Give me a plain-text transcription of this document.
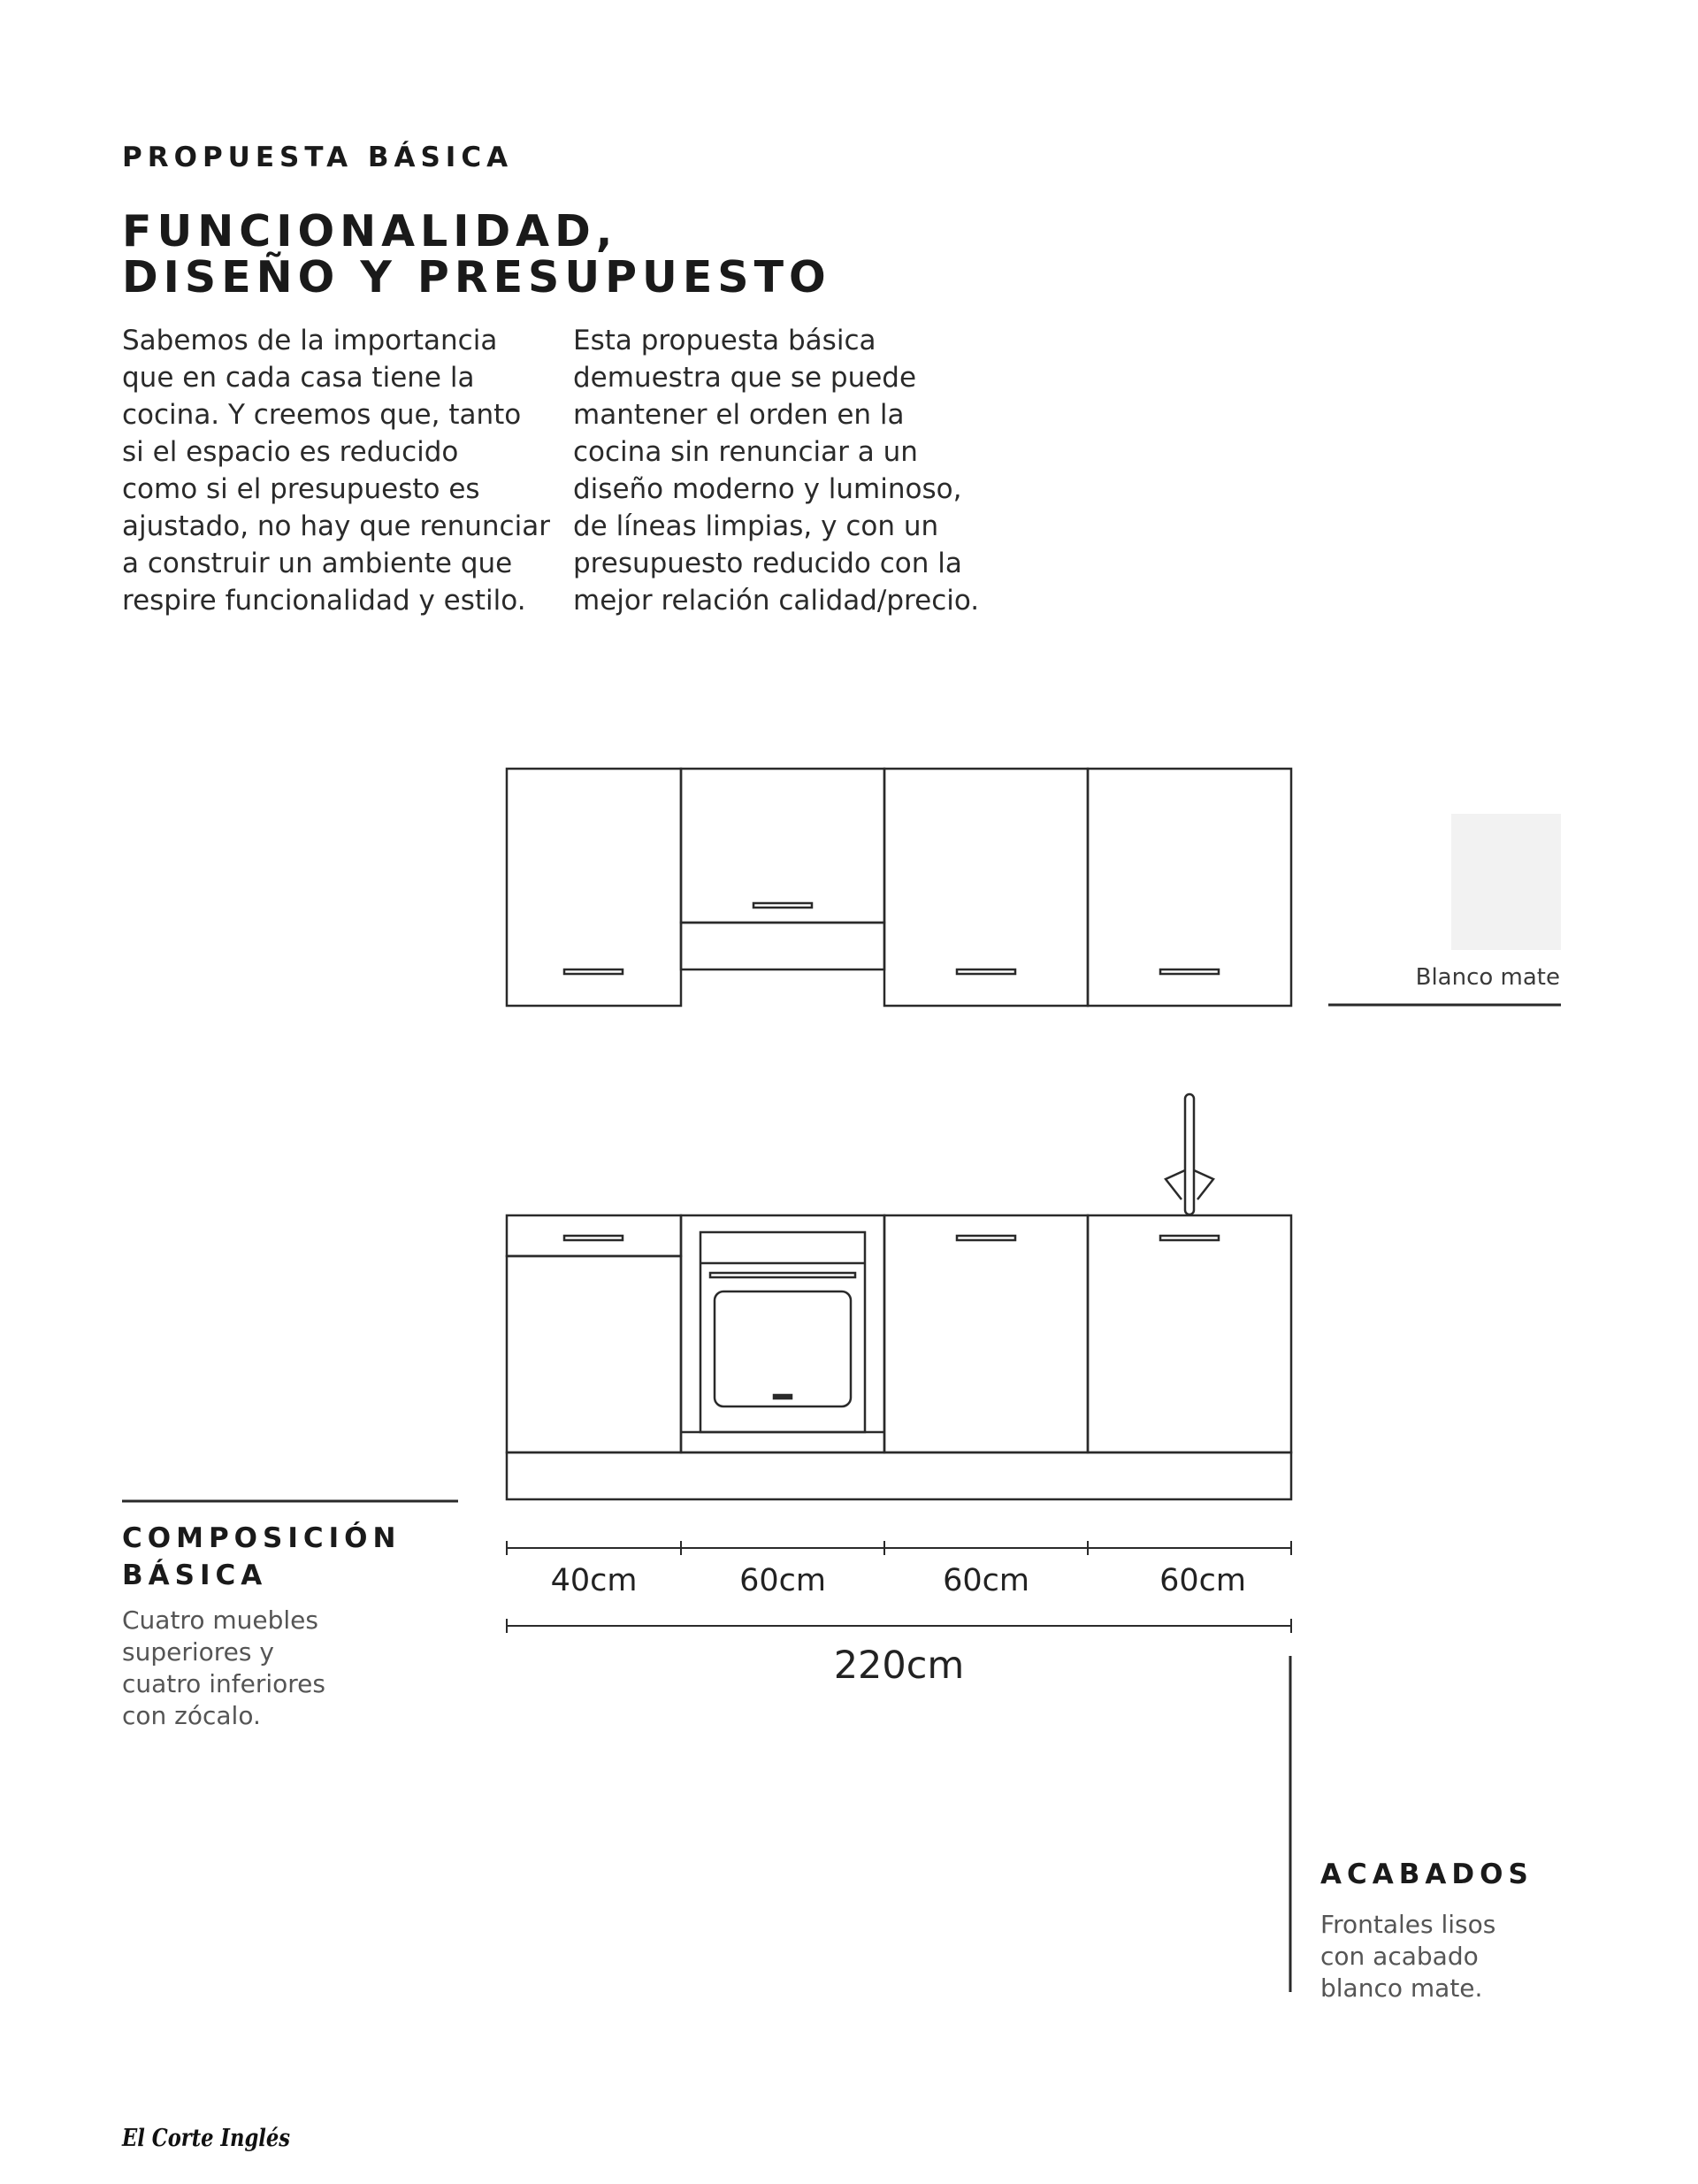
PROPUESTA BÁSICA
FUNCIONALIDAD,
DISEÑO Y PRESUPUESTO
Sabemos de la importancia
que en cada casa tiene la
cocina. Y creemos que, tanto
si el espacio es reducido
como si el presupuesto es
ajustado, no hay que renunciar
a construir un ambiente que
respire funcionalidad y estilo.
Esta propuesta básica
demuestra que se puede
mantener el orden en la
cocina sin renunciar a un
diseño moderno y luminoso,
de líneas limpias, y con un
presupuesto reducido con la
mejor relación calidad/precio.
Blanco mate
40cm	60cm	60cm	60cm
220cm
COMPOSICIÓN
BÁSICA
Cuatro muebles
superiores y
cuatro inferiores
con zócalo.
ACABADOS
Frontales lisos
con acabado
blanco mate.
El Corte Inglés
